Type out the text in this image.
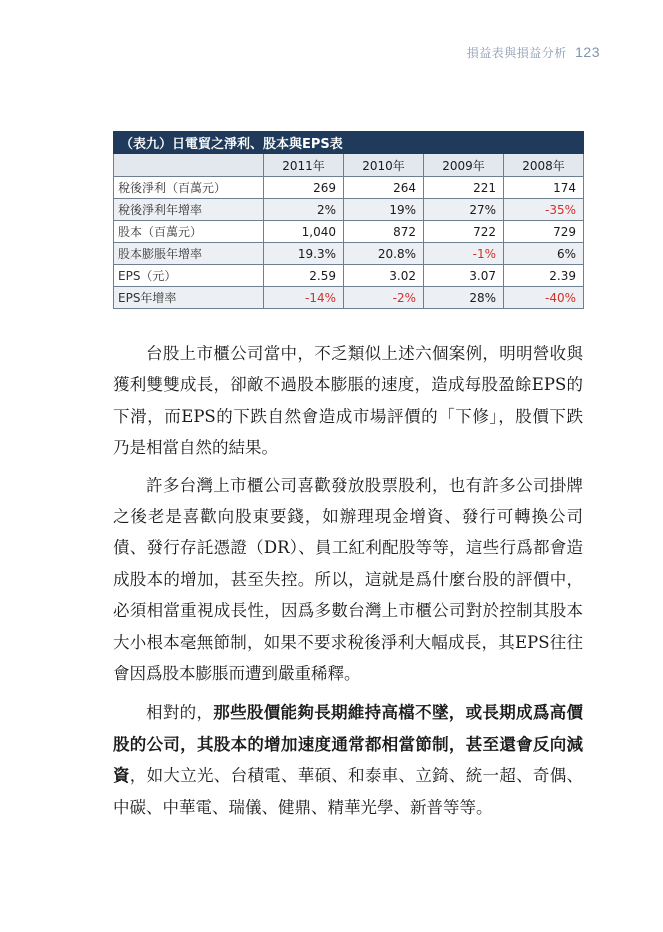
損益表與損益分析 123
（表九）日電貿之淨利、股本與EPS表				
	2011年	2010年	2009年	2008年
稅後淨利（百萬元）	269	264	221	174
稅後淨利年增率	2%	19%	27%	-35%
股本（百萬元）	1,040	872	722	729
股本膨脹年增率	19.3%	20.8%	-1%	6%
EPS（元）	2.59	3.02	3.07	2.39
EPS年增率	-14%	-2%	28%	-40%

台股上市櫃公司當中，不乏類似上述六個案例，明明營收與獲利雙雙成長，卻敵不過股本膨脹的速度，造成每股盈餘EPS的下滑，而EPS的下跌自然會造成市場評價的「下修」，股價下跌乃是相當自然的結果。

許多台灣上市櫃公司喜歡發放股票股利，也有許多公司掛牌之後老是喜歡向股東要錢，如辦理現金增資、發行可轉換公司債、發行存託憑證（DR）、員工紅利配股等等，這些行爲都會造成股本的增加，甚至失控。所以，這就是爲什麼台股的評價中，必須相當重視成長性，因爲多數台灣上市櫃公司對於控制其股本大小根本毫無節制，如果不要求稅後淨利大幅成長，其EPS往往會因爲股本膨脹而遭到嚴重稀釋。

相對的，那些股價能夠長期維持高檔不墜，或長期成爲高價股的公司，其股本的增加速度通常都相當節制，甚至還會反向減資，如大立光、台積電、華碩、和泰車、立錡、統一超、奇偶、中碳、中華電、瑞儀、健鼎、精華光學、新普等等。
